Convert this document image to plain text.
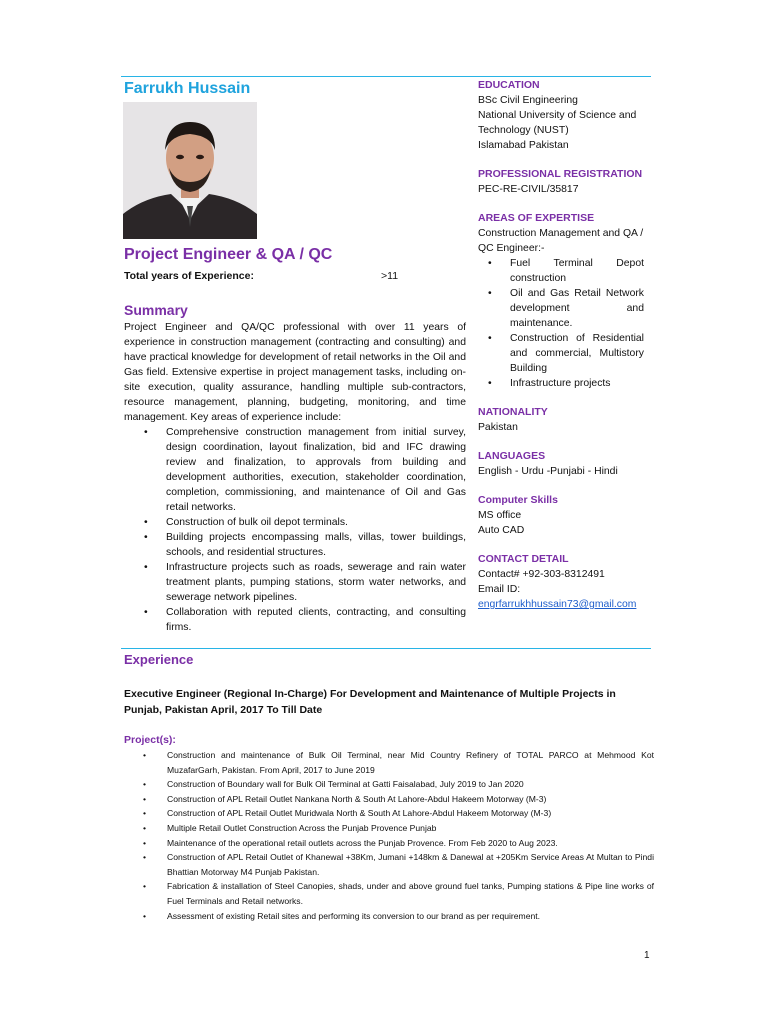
Farrukh Hussain
Project Engineer & QA / QC
Total years of Experience:	>11
Summary
Project Engineer and QA/QC professional with over 11 years of experience in construction management (contracting and consulting) and have practical knowledge for development of retail networks in the Oil and Gas field. Extensive expertise in project management tasks, including on-site execution, quality assurance, handling multiple sub-contractors, resource management, planning, budgeting, monitoring, and time management. Key areas of experience include:
• Comprehensive construction management from initial survey, design coordination, layout finalization, bid and IFC drawing review and finalization, to approvals from building and development authorities, execution, stakeholder coordination, completion, commissioning, and maintenance of Oil and Gas retail networks.
• Construction of bulk oil depot terminals.
• Building projects encompassing malls, villas, tower buildings, schools, and residential structures.
• Infrastructure projects such as roads, sewerage and rain water treatment plants, pumping stations, storm water networks, and sewerage network pipelines.
• Collaboration with reputed clients, contracting, and consulting firms.
EDUCATION
BSc Civil Engineering
National University of Science and Technology (NUST)
Islamabad Pakistan
PROFESSIONAL REGISTRATION
PEC-RE-CIVIL/35817
AREAS OF EXPERTISE
Construction Management and QA / QC Engineer:-
• Fuel Terminal Depot construction
• Oil and Gas Retail Network development and maintenance.
• Construction of Residential and commercial, Multistory Building
• Infrastructure projects
NATIONALITY
Pakistan
LANGUAGES
English - Urdu -Punjabi - Hindi
Computer Skills
MS office
Auto CAD
CONTACT DETAIL
Contact# +92-303-8312491
Email ID:
engrfarrukhhussain73@gmail.com
Experience
Executive Engineer (Regional In-Charge) For Development and Maintenance of Multiple Projects in Punjab, Pakistan April, 2017 To Till Date
Project(s):
• Construction and maintenance of Bulk Oil Terminal, near Mid Country Refinery of TOTAL PARCO at Mehmood Kot MuzafarGarh, Pakistan. From April, 2017 to June 2019
• Construction of Boundary wall for Bulk Oil Terminal at Gatti Faisalabad, July 2019 to Jan 2020
• Construction of APL Retail Outlet Nankana North & South At Lahore-Abdul Hakeem Motorway (M-3)
• Construction of APL Retail Outlet Muridwala North & South At Lahore-Abdul Hakeem Motorway (M-3)
• Multiple Retail Outlet Construction Across the Punjab Provence Punjab
• Maintenance of the operational retail outlets across the Punjab Provence. From Feb 2020 to Aug 2023.
• Construction of APL Retail Outlet of Khanewal +38Km, Jumani +148km & Danewal at +205Km Service Areas At Multan to Pindi Bhattian Motorway M4 Punjab Pakistan.
• Fabrication & installation of Steel Canopies, shads, under and above ground fuel tanks, Pumping stations & Pipe line works of Fuel Terminals and Retail networks.
• Assessment of existing Retail sites and performing its conversion to our brand as per requirement.
1
